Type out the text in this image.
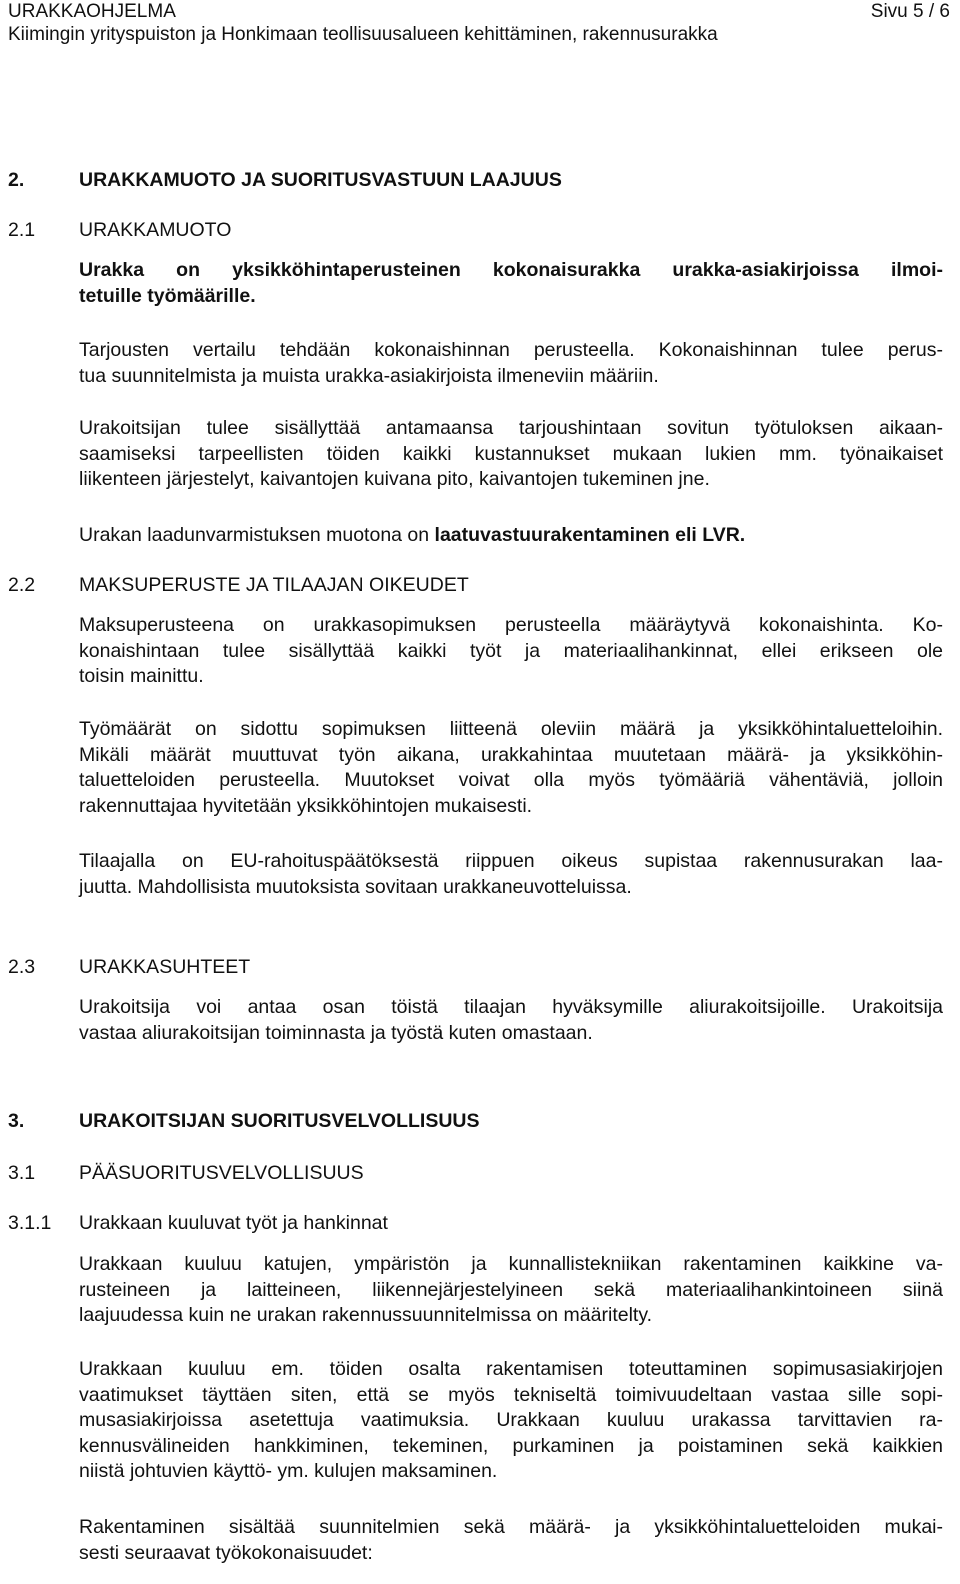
URAKKAOHJELMA	Sivu 5 / 6
Kiimingin yrityspuiston ja Honkimaan teollisuusalueen kehittäminen, rakennusurakka
2.	URAKKAMUOTO JA SUORITUSVASTUUN LAAJUUS
2.1 URAKKAMUOTO
Urakka on yksikköhintaperusteinen kokonaisurakka urakka-asiakirjoissa ilmoi-
tetuille työmäärille.
Tarjousten vertailu tehdään kokonaishinnan perusteella. Kokonaishinnan tulee perus-
tua suunnitelmista ja muista urakka-asiakirjoista ilmeneviin määriin.
Urakoitsijan tulee sisällyttää antamaansa tarjoushintaan sovitun työtuloksen aikaan-
saamiseksi tarpeellisten töiden kaikki kustannukset mukaan lukien mm. työnaikaiset
liikenteen järjestelyt, kaivantojen kuivana pito, kaivantojen tukeminen jne.
Urakan laadunvarmistuksen muotona on laatuvastuurakentaminen eli LVR.
2.2 MAKSUPERUSTE JA TILAAJAN OIKEUDET
Maksuperusteena on urakkasopimuksen perusteella määräytyvä kokonaishinta. Ko-
konaishintaan tulee sisällyttää kaikki työt ja materiaalihankinnat, ellei erikseen ole
toisin mainittu.
Työmäärät on sidottu sopimuksen liitteenä oleviin määrä ja yksikköhintaluetteloihin.
Mikäli määrät muuttuvat työn aikana, urakkahintaa muutetaan määrä- ja yksikköhin-
taluetteloiden perusteella. Muutokset voivat olla myös työmääriä vähentäviä, jolloin
rakennuttajaa hyvitetään yksikköhintojen mukaisesti.
Tilaajalla on EU-rahoituspäätöksestä riippuen oikeus supistaa rakennusurakan laa-
juutta. Mahdollisista muutoksista sovitaan urakkaneuvotteluissa.
2.3 URAKKASUHTEET
Urakoitsija voi antaa osan töistä tilaajan hyväksymille aliurakoitsijoille. Urakoitsija
vastaa aliurakoitsijan toiminnasta ja työstä kuten omastaan.
3.	URAKOITSIJAN SUORITUSVELVOLLISUUS
3.1 PÄÄSUORITUSVELVOLLISUUS
3.1.1 Urakkaan kuuluvat työt ja hankinnat
Urakkaan kuuluu katujen, ympäristön ja kunnallistekniikan rakentaminen kaikkine va-
rusteineen ja laitteineen, liikennejärjestelyineen sekä materiaalihankintoineen siinä
laajuudessa kuin ne urakan rakennussuunnitelmissa on määritelty.
Urakkaan kuuluu em. töiden osalta rakentamisen toteuttaminen sopimusasiakirjojen
vaatimukset täyttäen siten, että se myös tekniseltä toimivuudeltaan vastaa sille sopi-
musasiakirjoissa asetettuja vaatimuksia. Urakkaan kuuluu urakassa tarvittavien ra-
kennusvälineiden hankkiminen, tekeminen, purkaminen ja poistaminen sekä kaikkien
niistä johtuvien käyttö- ym. kulujen maksaminen.
Rakentaminen sisältää suunnitelmien sekä määrä- ja yksikköhintaluetteloiden mukai-
sesti seuraavat työkokonaisuudet:
